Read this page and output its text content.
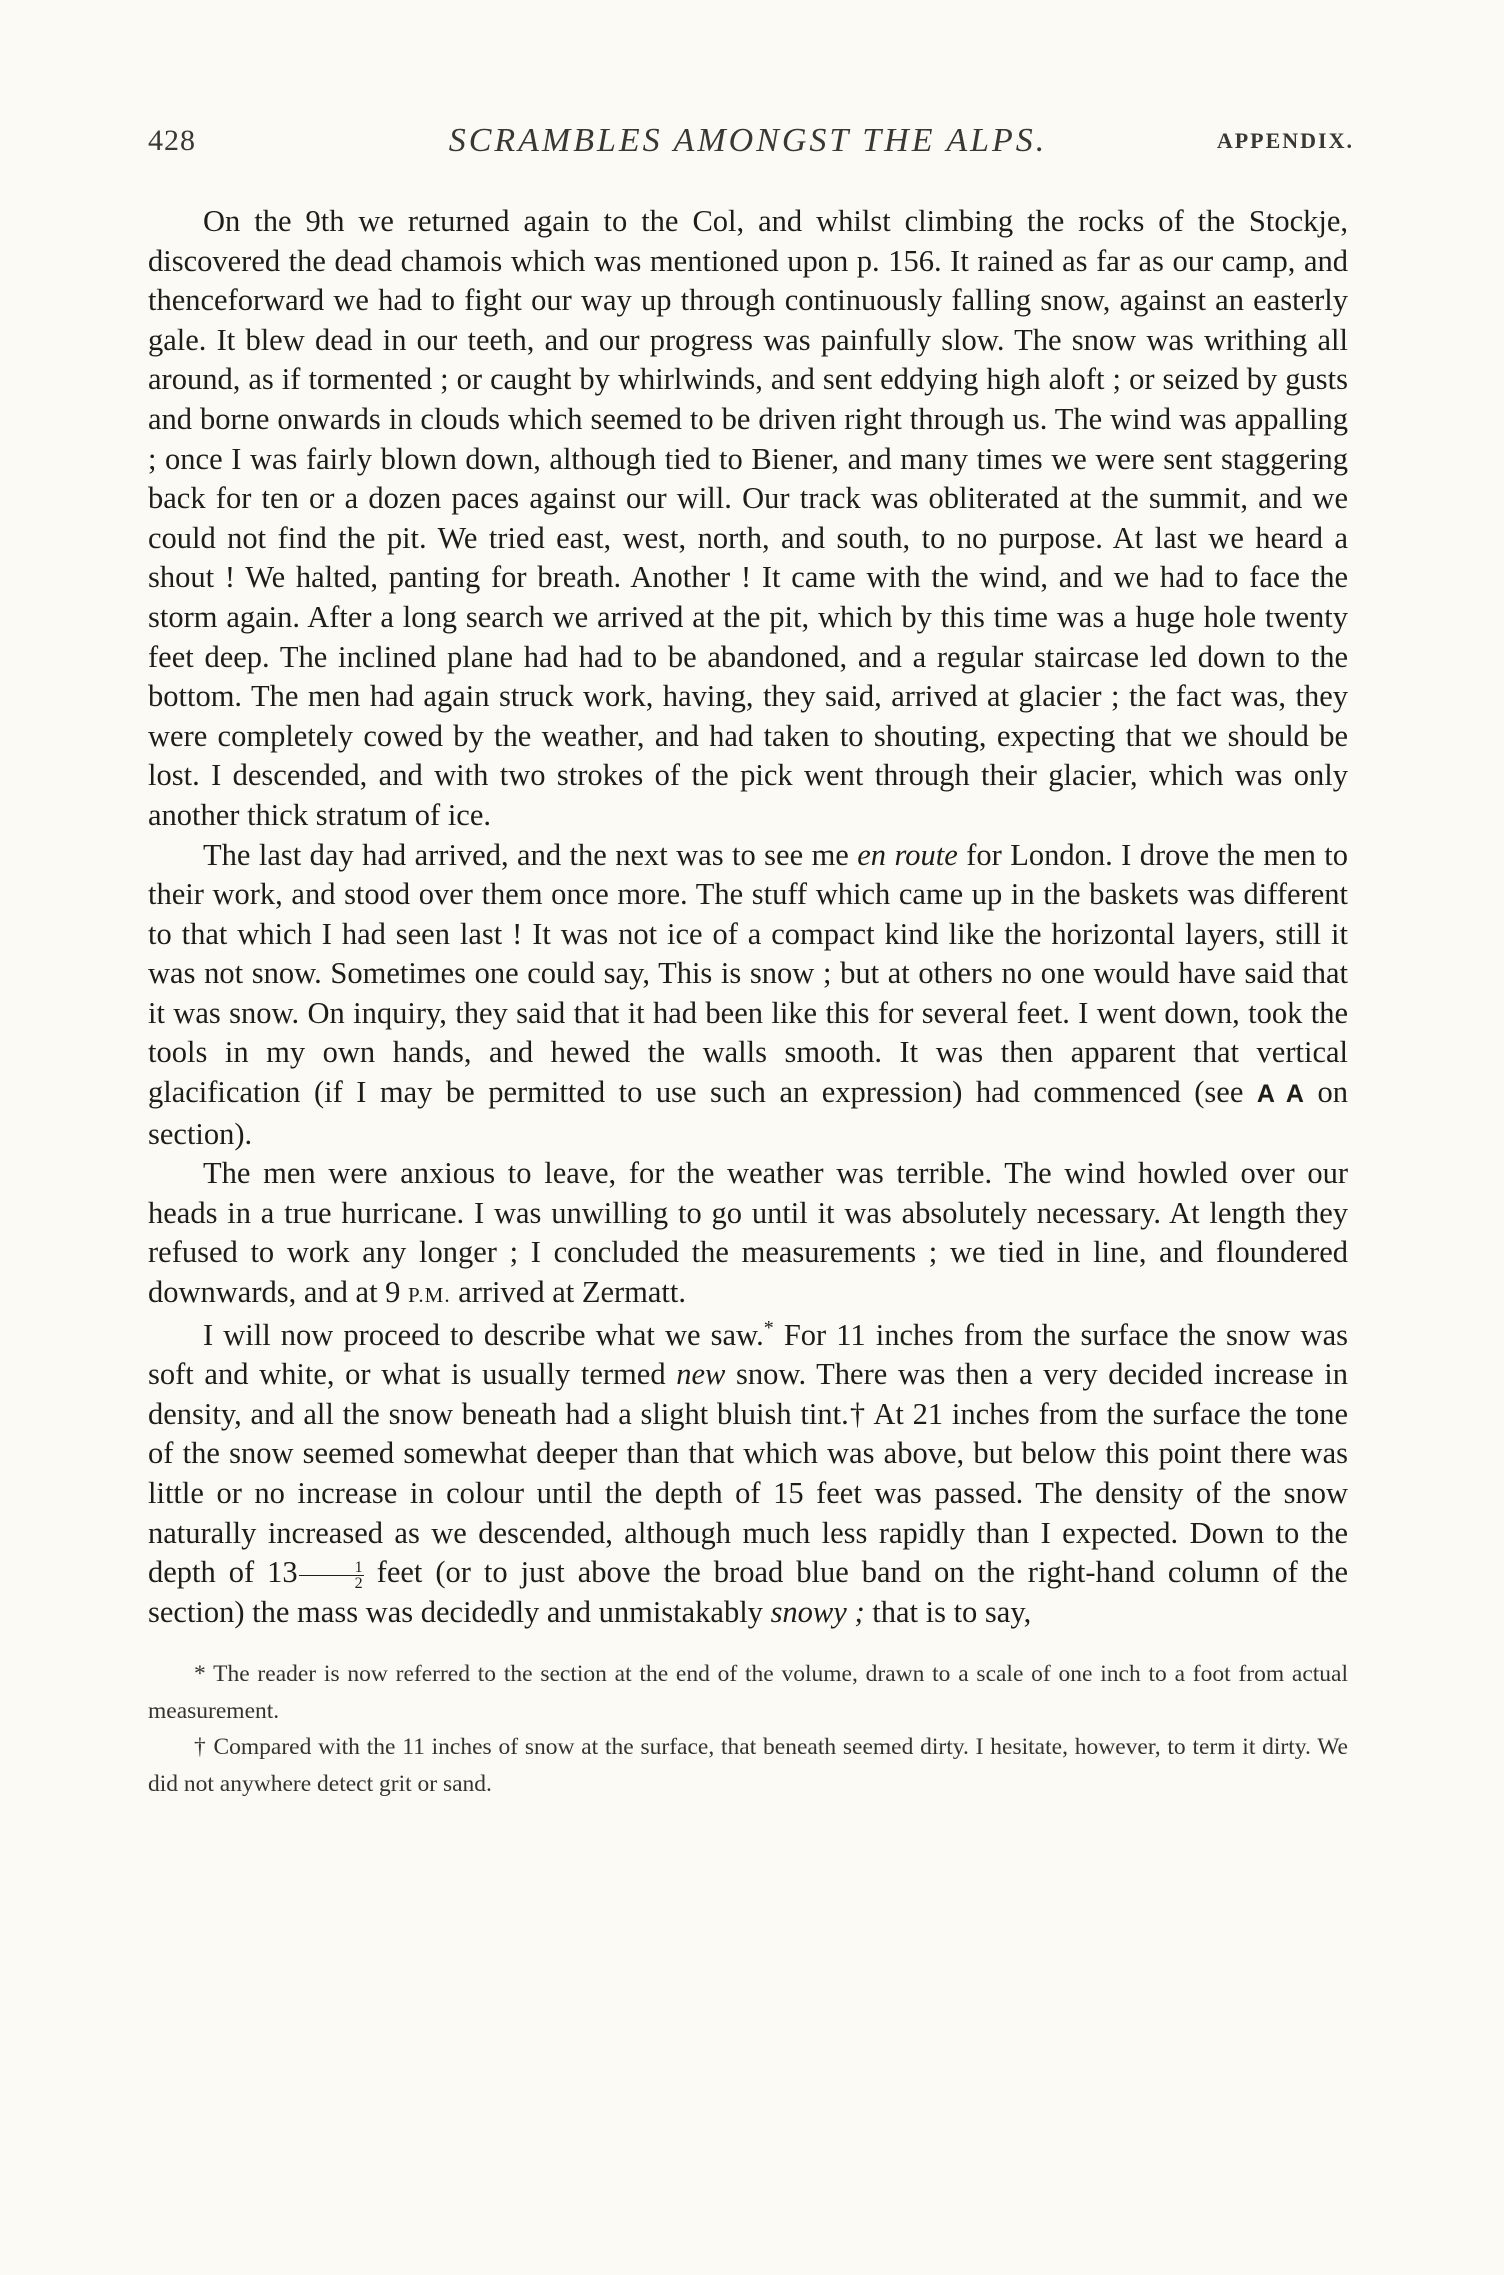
428	SCRAMBLES AMONGST THE ALPS.	APPENDIX.

On the 9th we returned again to the Col, and whilst climbing the rocks of the Stockje, discovered the dead chamois which was mentioned upon p. 156. It rained as far as our camp, and thenceforward we had to fight our way up through continuously falling snow, against an easterly gale. It blew dead in our teeth, and our progress was painfully slow. The snow was writhing all around, as if tormented ; or caught by whirlwinds, and sent eddying high aloft ; or seized by gusts and borne onwards in clouds which seemed to be driven right through us. The wind was appalling ; once I was fairly blown down, although tied to Biener, and many times we were sent staggering back for ten or a dozen paces against our will. Our track was obliterated at the summit, and we could not find the pit. We tried east, west, north, and south, to no purpose. At last we heard a shout ! We halted, panting for breath. Another ! It came with the wind, and we had to face the storm again. After a long search we arrived at the pit, which by this time was a huge hole twenty feet deep. The inclined plane had had to be abandoned, and a regular staircase led down to the bottom. The men had again struck work, having, they said, arrived at glacier ; the fact was, they were completely cowed by the weather, and had taken to shouting, expecting that we should be lost. I descended, and with two strokes of the pick went through their glacier, which was only another thick stratum of ice.

The last day had arrived, and the next was to see me en route for London. I drove the men to their work, and stood over them once more. The stuff which came up in the baskets was different to that which I had seen last ! It was not ice of a compact kind like the horizontal layers, still it was not snow. Sometimes one could say, This is snow ; but at others no one would have said that it was snow. On inquiry, they said that it had been like this for several feet. I went down, took the tools in my own hands, and hewed the walls smooth. It was then apparent that vertical glacification (if I may be permitted to use such an expression) had commenced (see A A on section).

The men were anxious to leave, for the weather was terrible. The wind howled over our heads in a true hurricane. I was unwilling to go until it was absolutely necessary. At length they refused to work any longer ; I concluded the measurements ; we tied in line, and floundered downwards, and at 9 P.M. arrived at Zermatt.

I will now proceed to describe what we saw.* For 11 inches from the surface the snow was soft and white, or what is usually termed new snow. There was then a very decided increase in density, and all the snow beneath had a slight bluish tint.† At 21 inches from the surface the tone of the snow seemed somewhat deeper than that which was above, but below this point there was little or no increase in colour until the depth of 15 feet was passed. The density of the snow naturally increased as we descended, although much less rapidly than I expected. Down to the depth of $13 \frac{1}{2}$ feet (or to just above the broad blue band on the right-hand column of the section) the mass was decidedly and unmistakably snowy ; that is to say,

* The reader is now referred to the section at the end of the volume, drawn to a scale of one inch to a foot from actual measurement.

† Compared with the 11 inches of snow at the surface, that beneath seemed dirty. I hesitate, however, to term it dirty. We did not anywhere detect grit or sand.
